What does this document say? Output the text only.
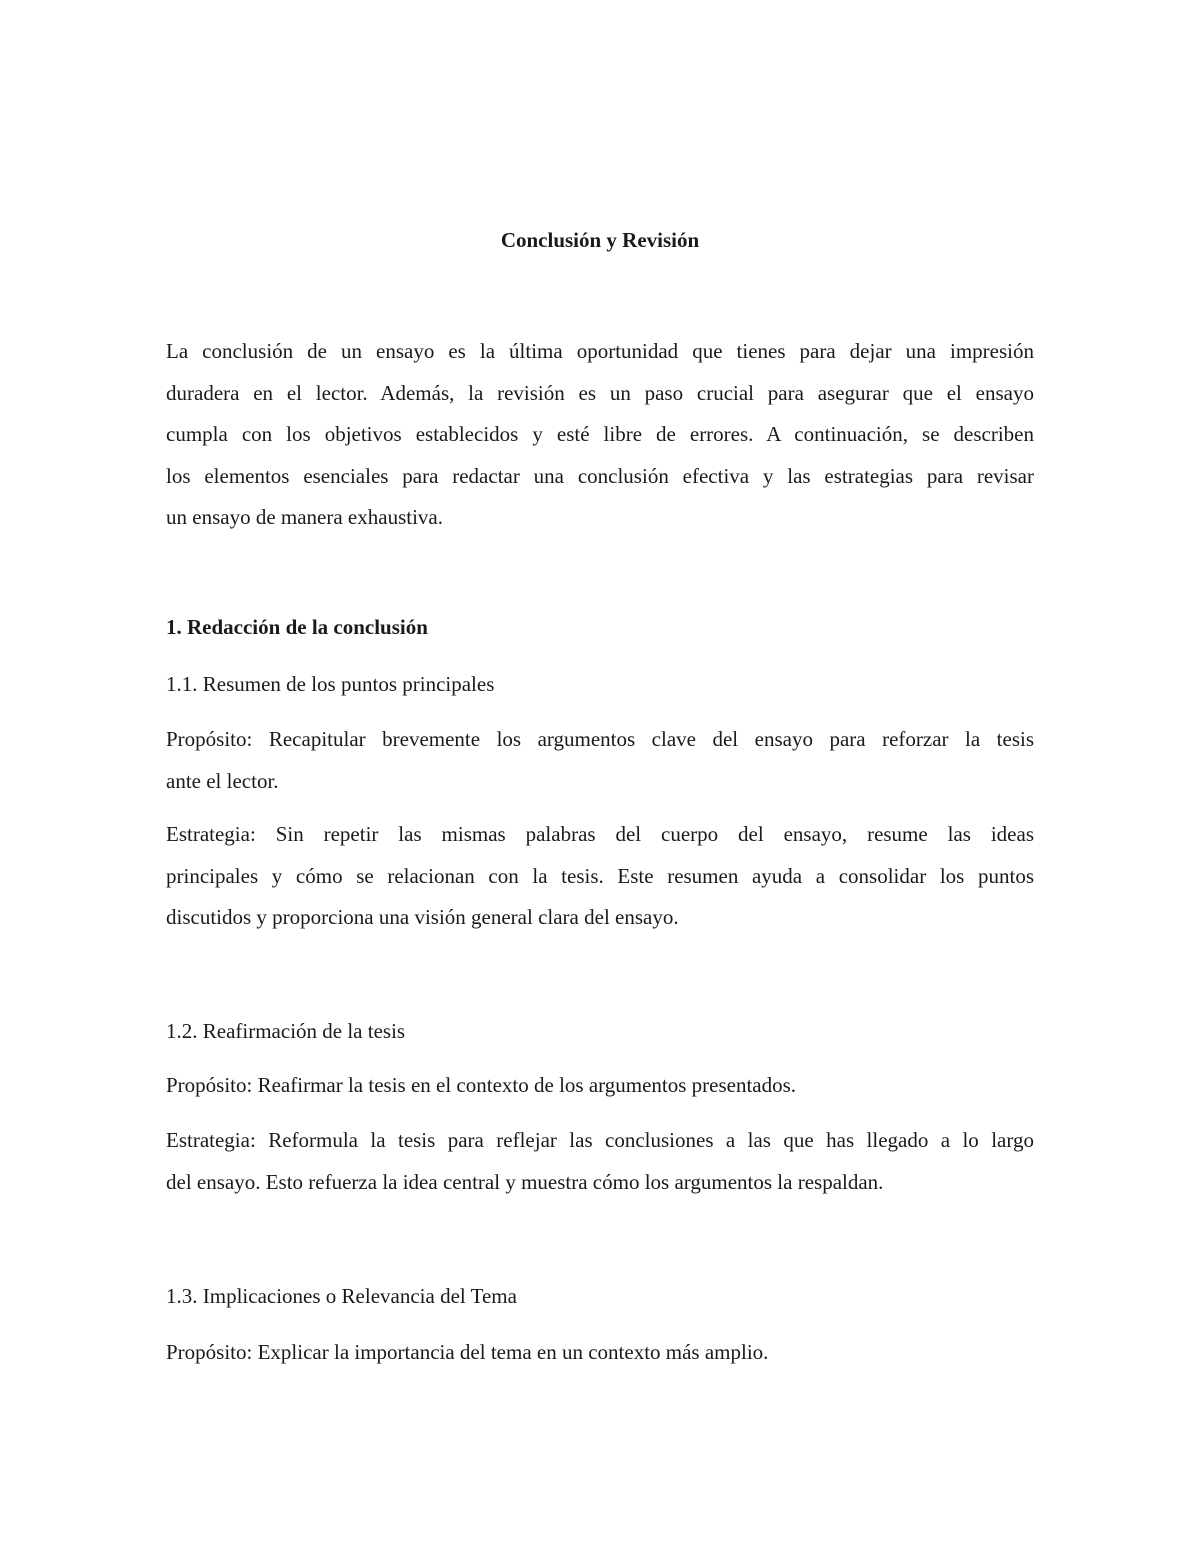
Conclusión y Revisión
La conclusión de un ensayo es la última oportunidad que tienes para dejar una impresión
duradera en el lector. Además, la revisión es un paso crucial para asegurar que el ensayo
cumpla con los objetivos establecidos y esté libre de errores. A continuación, se describen
los elementos esenciales para redactar una conclusión efectiva y las estrategias para revisar
un ensayo de manera exhaustiva.
1. Redacción de la conclusión
1.1. Resumen de los puntos principales
Propósito: Recapitular brevemente los argumentos clave del ensayo para reforzar la tesis
ante el lector.
Estrategia: Sin repetir las mismas palabras del cuerpo del ensayo, resume las ideas
principales y cómo se relacionan con la tesis. Este resumen ayuda a consolidar los puntos
discutidos y proporciona una visión general clara del ensayo.
1.2. Reafirmación de la tesis
Propósito: Reafirmar la tesis en el contexto de los argumentos presentados.
Estrategia: Reformula la tesis para reflejar las conclusiones a las que has llegado a lo largo
del ensayo. Esto refuerza la idea central y muestra cómo los argumentos la respaldan.
1.3. Implicaciones o Relevancia del Tema
Propósito: Explicar la importancia del tema en un contexto más amplio.
